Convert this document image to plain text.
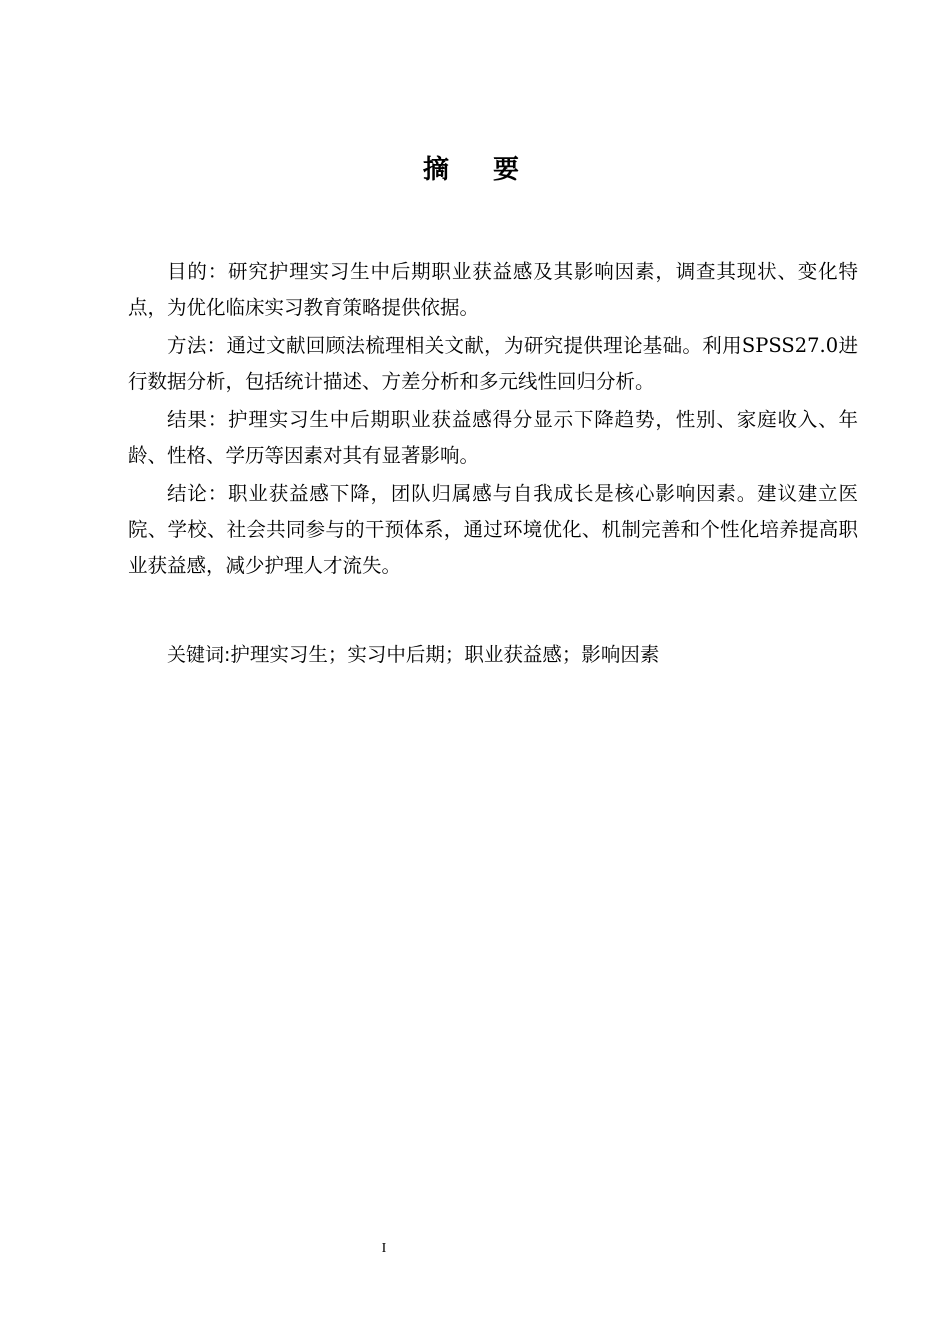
摘要

目的：研究护理实习生中后期职业获益感及其影响因素，调查其现状、变化特点，为优化临床实习教育策略提供依据。

方法：通过文献回顾法梳理相关文献，为研究提供理论基础。利用SPSS27.0进行数据分析，包括统计描述、方差分析和多元线性回归分析。

结果：护理实习生中后期职业获益感得分显示下降趋势，性别、家庭收入、年龄、性格、学历等因素对其有显著影响。

结论：职业获益感下降，团队归属感与自我成长是核心影响因素。建议建立医院、学校、社会共同参与的干预体系，通过环境优化、机制完善和个性化培养提高职业获益感，减少护理人才流失。

关键词:护理实习生；实习中后期；职业获益感；影响因素
I
